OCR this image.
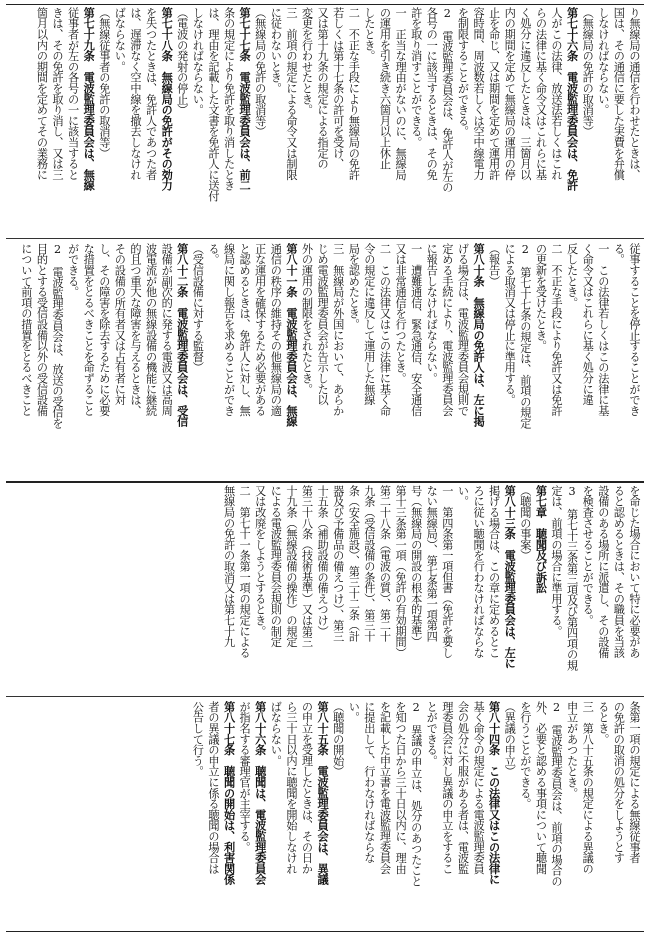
り無線局の通信を行わせたときは、
国は、その通信に要した実費を弁償
しなければならない。
（無線局の免許の取消等）
第七十六条　電波監理委員会は、免許
人がこの法律、放送法若しくはこれ
らの法律に基く命令又はこれらに基
く処分に違反したときは、三箇月以
内の期間を定めて無線局の運用の停
止を命じ、又は期間を定めて運用許
容時間、周波数若しくは空中線電力
を制限することができる。
2　電波監理委員会は、免許人が左の
各号の一に該当するときは、その免
許を取り消すことができる。
一　正当な理由がないのに、無線局
の運用を引き続き六箇月以上休止
したとき。
二　不正な手段により無線局の免許
若しくは第十七条の許可を受け、
又は第十九条の規定による指定の
変更を行わせたとき。
三　前項の規定による命令又は制限
に従わないとき。
（無線局の免許の取消等）
第七十七条　電波監理委員会は、前二
条の規定により免許を取り消したとき
は、理由を記載した文書を免許人に送付
しなければならない。
（電波の発射の停止）
第七十八条　無線局の免許がその効力
を失つたときは、免許人であつた者
は、遅滞なく空中線を撤去しなけれ
ばならない。
（無線従事者の免許の取消等）
第七十九条　電波監理委員会は、無線
従事者が左の各号の一に該当すると
きは、その免許を取り消し、又は三
箇月以内の期間を定めてその業務に
従事することを停止することができ
る。
一　この法律若しくはこの法律に基
く命令又はこれらに基く処分に違
反したとき。
二　不正な手段により免許又は免許
の更新を受けたとき。
2　第七十七条の規定は、前項の規定
による取消又は停止に準用する。
（報告）
第八十条　無線局の免許人は、左に掲
げる場合は、電波監理委員会規則で
定める手続により、電波監理委員会
に報告しなければならない。
一　遭難通信、緊急通信、安全通信
又は非常通信を行つたとき。
二　この法律又はこの法律に基く命
令の規定に違反して運用した無線
局を認めたとき。
三　無線局が外国において、あらか
じめ電波監理委員会が告示した以
外の運用の制限をされたとき。
第八十一条　電波監理委員会は、無線
通信の秩序の維持その他無線局の適
正な運用を確保するため必要がある
と認めるときは、免許人に対し、無
線局に関し報告を求めることができ
る。
（受信設備に対する監督）
第八十二条　電波監理委員会は、受信
設備が副次的に発する電波又は高周
波電流が他の無線設備の機能に継続
的且つ重大な障害を与えるときは、
その設備の所有者又は占有者に対
し、その障害を除去するために必要
な措置をとるべきことを命ずること
ができる。
2　電波監理委員会は、放送の受信を
目的とする受信設備以外の受信設備
について前項の措置をとるべきこと
を命じた場合において特に必要があ
ると認めるときは、その職員を当該
設備のある場所に派遣し、その設備
を検査させることができる。
3　第七十三条第三項及び第四項の規
定は、前項の場合に準用する。
第七章　聴聞及び訴訟
（聴聞の事案）
第八十三条　電波監理委員会は、左に
掲げる場合は、この章に定めるとこ
ろに従い聴聞を行わなければならな
い。
一　第四条第一項但書（免許を要し
ない無線局）、第七条第一項第四
号（無線局の開設の根本的基準）
第十三条第一項（免許の有効期間）
第二十八条（電波の質）、第二十
九条（受信設備の条件）、第三十
条（安全施設）、第三十二条（計
器及び予備品の備えつけ）、第三
十五条（補助設備の備えつけ）
第三十八条（技術基準）又は第三
十九条（無線設備の操作）の規定
による電波監理委員会規則の制定
又は改廃をしようとするとき。
二　第七十一条第一項の規定による
無線局の免許の取消又は第七十九
条第一項の規定による無線従事者
の免許の取消の処分をしようとす
るとき。
三　第八十五条の規定による異議の
申立があつたとき。
2　電波監理委員会は、前項の場合の
外、必要と認める事項について聴聞
を行うことができる。
（異議の申立）
第八十四条　この法律又はこの法律に
基く命令の規定による電波監理委員
会の処分に不服がある者は、電波監
理委員会に対し異議の申立をするこ
とができる。
2　異議の申立は、処分のあつたこと
を知つた日から三十日以内に、理由
を記載した申立書を電波監理委員会
に提出して、行わなければならな
い。
（聴聞の開始）
第八十五条　電波監理委員会は、異議
の申立を受理したときは、その日か
ら三十日以内に聴聞を開始しなけれ
ばならない。
第八十六条　聴聞は、電波監理委員会
が指名する審理官が主宰する。
第八十七条　聴聞の開始は、利害関係
者の異議の申立に係る聴聞の場合は
公告して行う。
